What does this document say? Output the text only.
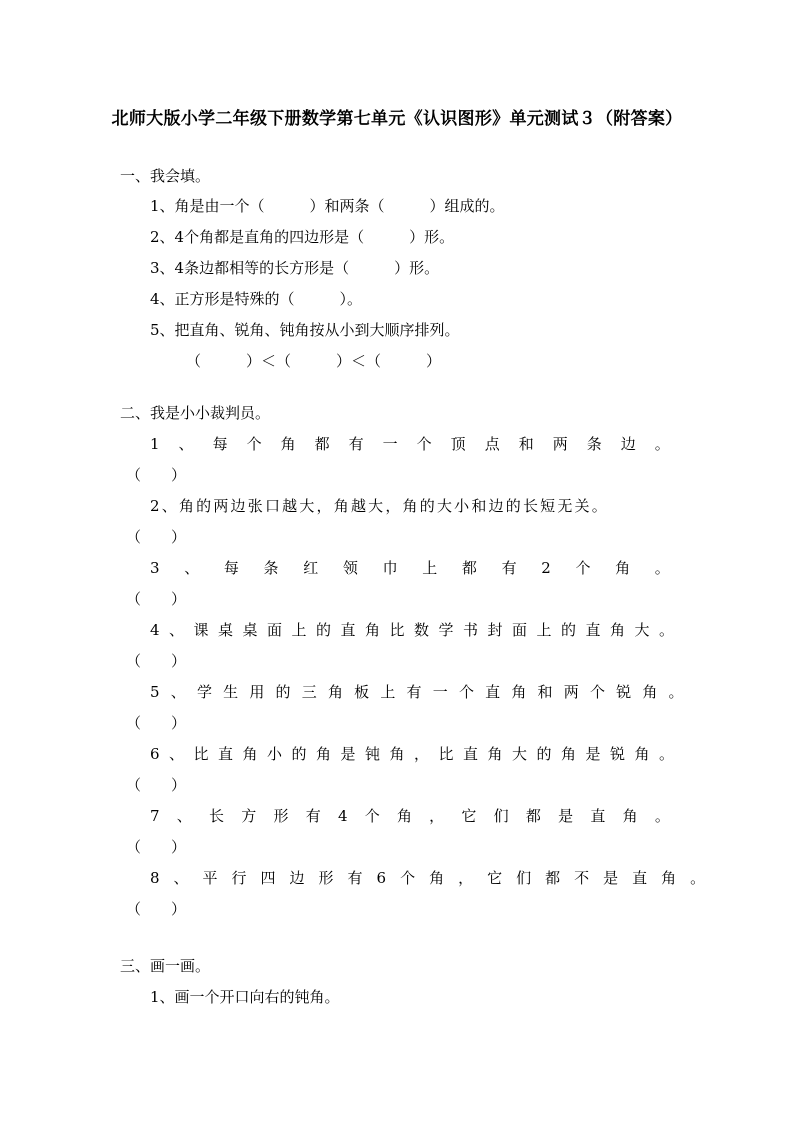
北师大版小学二年级下册数学第七单元《认识图形》单元测试３（附答案）
一、我会填。
1、角是由一个（　　　）和两条（　　　）组成的。
2、4个角都是直角的四边形是（　　　）形。
3、4条边都相等的长方形是（　　　）形。
4、正方形是特殊的（　　　）。
5、把直角、锐角、钝角按从小到大顺序排列。
（　　　）＜（　　　）＜（　　　）
二、我是小小裁判员。
1 、 每 个 角 都 有 一 个 顶 点 和 两 条 边 。
（　　）
2、角的两边张口越大，角越大，角的大小和边的长短无关。
（　　）
3 、 每 条 红 领 巾 上 都 有 2 个 角 。
（　　）
4、课桌桌面上的直角比数学书封面上的直角大。
（　　）
5、学生用的三角板上有一个直角和两个锐角。
（　　）
6、比直角小的角是钝角，比直角大的角是锐角。
（　　）
7 、 长 方 形 有 4 个 角 ， 它 们 都 是 直 角 。
（　　）
8、平行四边形有6个角，它们都不是直角。
（　　）
三、画一画。
1、画一个开口向右的钝角。
